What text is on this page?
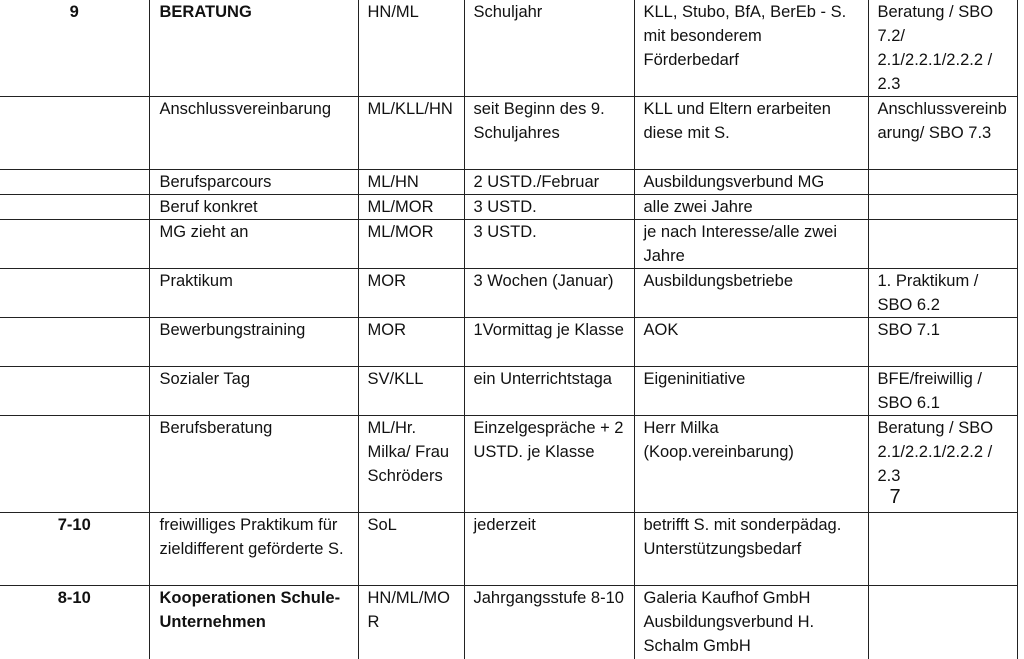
9	BERATUNG	HN/ML	Schuljahr	KLL, Stubo, BfA, BerEb - S. mit besonderem Förderbedarf	Beratung / SBO 7.2/ 2.1/2.2.1/2.2.2 / 2.3
	Anschlussvereinbarung	ML/KLL/HN	seit Beginn des 9. Schuljahres	KLL und Eltern erarbeiten diese mit S.	Anschlussvereinbarung/ SBO 7.3
	Berufsparcours	ML/HN	2 USTD./Februar	Ausbildungsverbund MG	
	Beruf konkret	ML/MOR	3 USTD.	alle zwei Jahre	
	MG zieht an	ML/MOR	3 USTD.	je nach Interesse/alle zwei Jahre	
	Praktikum	MOR	3 Wochen (Januar)	Ausbildungsbetriebe	1. Praktikum / SBO 6.2
	Bewerbungstraining	MOR	1Vormittag je Klasse	AOK	SBO 7.1
	Sozialer Tag	SV/KLL	ein Unterrichtstaga	Eigeninitiative	BFE/freiwillig / SBO 6.1
	Berufsberatung	ML/Hr. Milka/ Frau Schröders	Einzelgespräche + 2 USTD. je Klasse	Herr Milka (Koop.vereinbarung)	Beratung / SBO 2.1/2.2.1/2.2.2 / 2.3
7

7-10	freiwilliges Praktikum für zieldifferent geförderte S.	SoL	jederzeit	betrifft S. mit sonderpädag. Unterstützungsbedarf	
8-10	Kooperationen Schule-Unternehmen	HN/ML/MOR	Jahrgangsstufe 8-10	Galeria Kaufhof GmbH Ausbildungsverbund H. Schalm GmbH	
